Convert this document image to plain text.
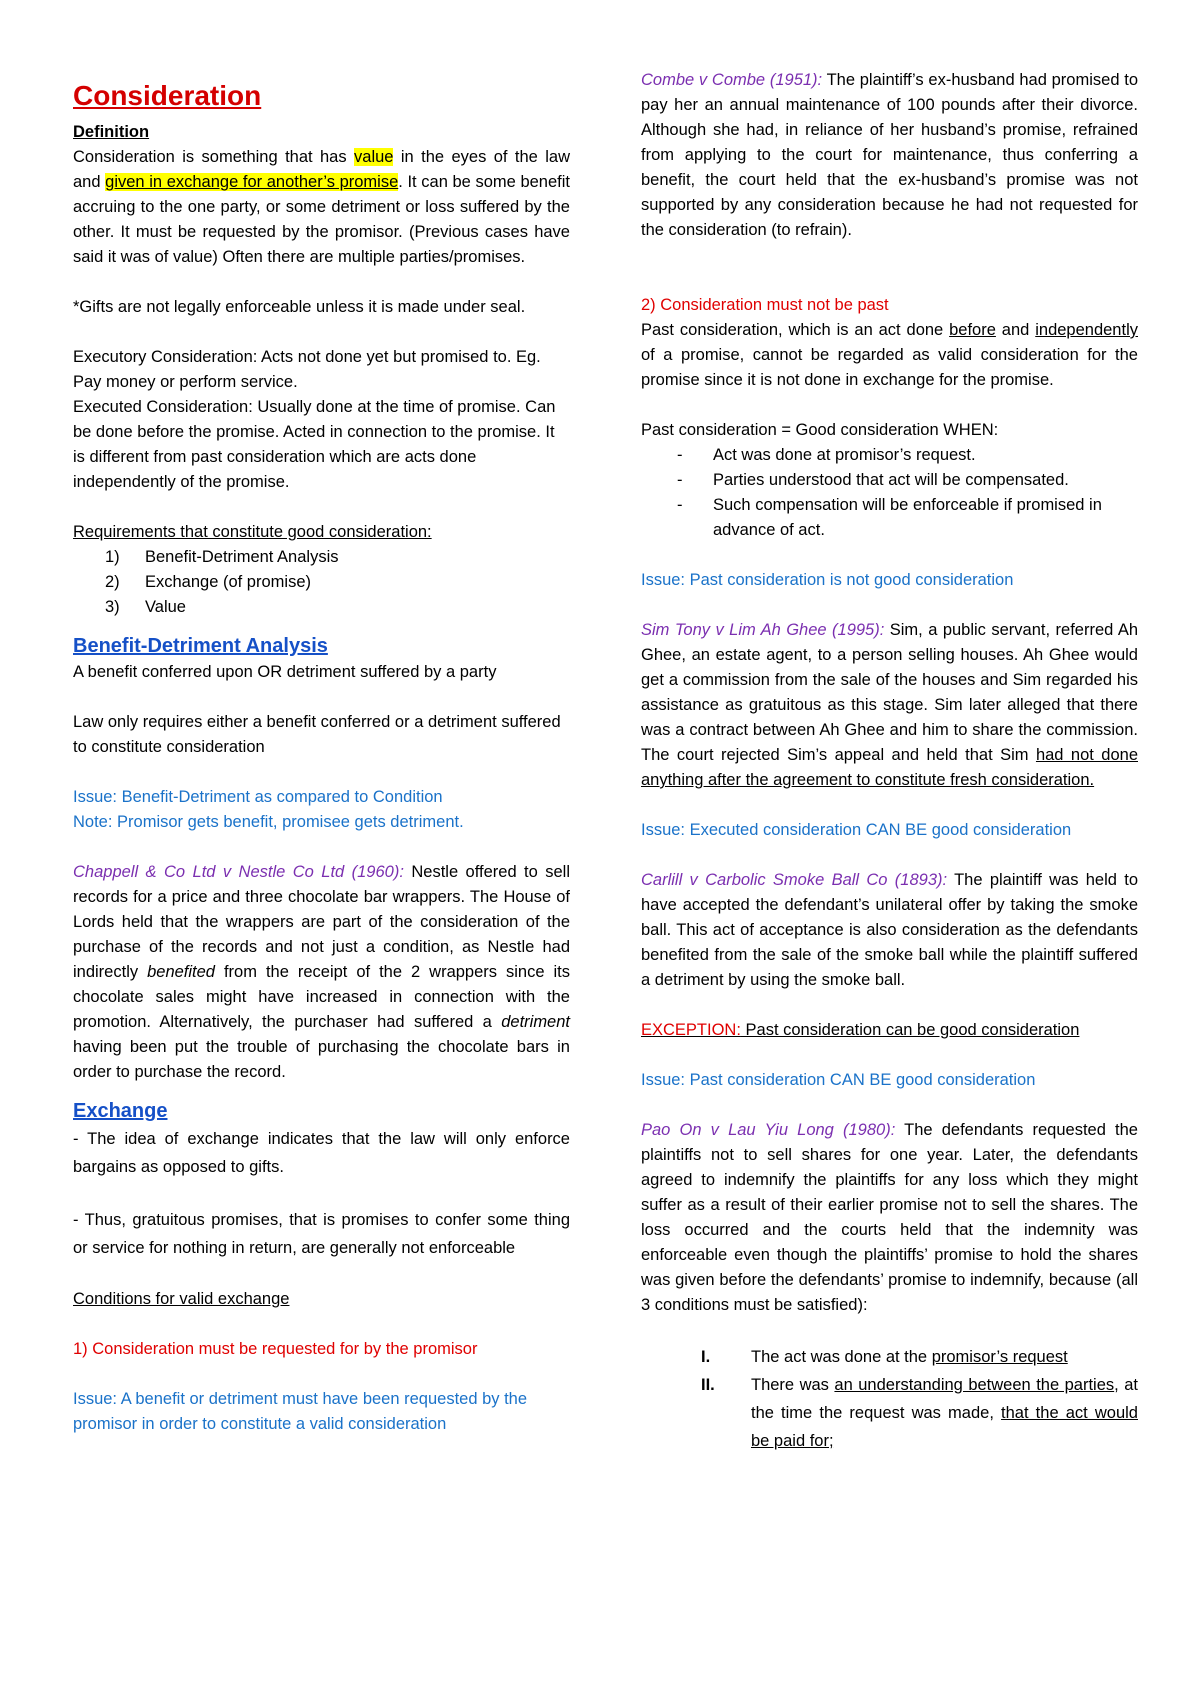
Consideration

Definition

Consideration is something that has value in the eyes of the law and given in exchange for another’s promise. It can be some benefit accruing to the one party, or some detriment or loss suffered by the other. It must be requested by the promisor. (Previous cases have said it was of value) Often there are multiple parties/promises.

*Gifts are not legally enforceable unless it is made under seal.

Executory Consideration: Acts not done yet but promised to. Eg. Pay money or perform service.

Executed Consideration: Usually done at the time of promise. Can be done before the promise. Acted in connection to the promise. It is different from past consideration which are acts done independently of the promise.

Requirements that constitute good consideration:

1) Benefit-Detriment Analysis
2) Exchange (of promise)
3) Value

Benefit-Detriment Analysis

A benefit conferred upon OR detriment suffered by a party

Law only requires either a benefit conferred or a detriment suffered to constitute consideration

Issue: Benefit-Detriment as compared to Condition

Note: Promisor gets benefit, promisee gets detriment.

Chappell & Co Ltd v Nestle Co Ltd (1960): Nestle offered to sell records for a price and three chocolate bar wrappers. The House of Lords held that the wrappers are part of the consideration of the purchase of the records and not just a condition, as Nestle had indirectly benefited from the receipt of the 2 wrappers since its chocolate sales might have increased in connection with the promotion. Alternatively, the purchaser had suffered a detriment having been put the trouble of purchasing the chocolate bars in order to purchase the record.

Exchange

- The idea of exchange indicates that the law will only enforce bargains as opposed to gifts.

- Thus, gratuitous promises, that is promises to confer some thing or service for nothing in return, are generally not enforceable

Conditions for valid exchange

1) Consideration must be requested for by the promisor

Issue: A benefit or detriment must have been requested by the promisor in order to constitute a valid consideration

Combe v Combe (1951): The plaintiff’s ex-husband had promised to pay her an annual maintenance of 100 pounds after their divorce. Although she had, in reliance of her husband’s promise, refrained from applying to the court for maintenance, thus conferring a benefit, the court held that the ex-husband’s promise was not supported by any consideration because he had not requested for the consideration (to refrain).

2) Consideration must not be past

Past consideration, which is an act done before and independently of a promise, cannot be regarded as valid consideration for the promise since it is not done in exchange for the promise.

Past consideration = Good consideration WHEN:

- Act was done at promisor’s request.
- Parties understood that act will be compensated.
- Such compensation will be enforceable if promised in advance of act.

Issue: Past consideration is not good consideration

Sim Tony v Lim Ah Ghee (1995): Sim, a public servant, referred Ah Ghee, an estate agent, to a person selling houses. Ah Ghee would get a commission from the sale of the houses and Sim regarded his assistance as gratuitous as this stage. Sim later alleged that there was a contract between Ah Ghee and him to share the commission. The court rejected Sim’s appeal and held that Sim had not done anything after the agreement to constitute fresh consideration.

Issue: Executed consideration CAN BE good consideration

Carlill v Carbolic Smoke Ball Co (1893): The plaintiff was held to have accepted the defendant’s unilateral offer by taking the smoke ball. This act of acceptance is also consideration as the defendants benefited from the sale of the smoke ball while the plaintiff suffered a detriment by using the smoke ball.

EXCEPTION: Past consideration can be good consideration

Issue: Past consideration CAN BE good consideration

Pao On v Lau Yiu Long (1980): The defendants requested the plaintiffs not to sell shares for one year. Later, the defendants agreed to indemnify the plaintiffs for any loss which they might suffer as a result of their earlier promise not to sell the shares. The loss occurred and the courts held that the indemnity was enforceable even though the plaintiffs’ promise to hold the shares was given before the defendants’ promise to indemnify, because (all 3 conditions must be satisfied):

I. The act was done at the promisor’s request
II. There was an understanding between the parties, at the time the request was made, that the act would be paid for;
